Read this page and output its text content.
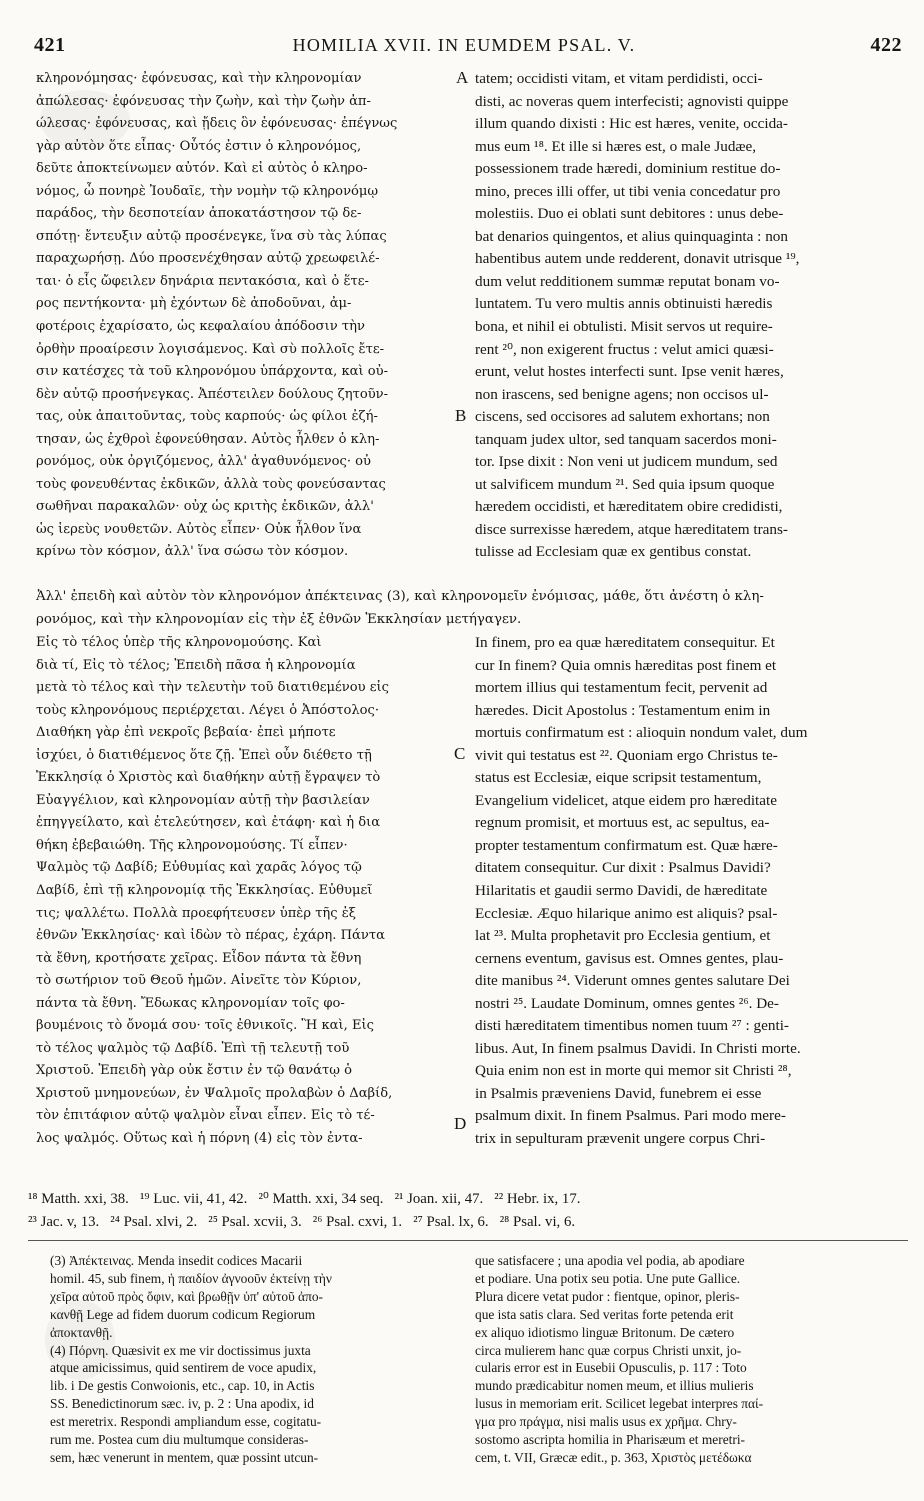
421	HOMILIA XVII. IN EUMDEM PSAL. V.	422
κληρονόμησας· ἐφόνευσας, καὶ τὴν κληρονομίαν
ἀπώλεσας· ἐφόνευσας τὴν ζωὴν, καὶ τὴν ζωὴν ἀπ-
ώλεσας· ἐφόνευσας, καὶ ᾔδεις ὃν ἐφόνευσας· ἐπέγνως
γὰρ αὐτὸν ὅτε εἶπας· Οὗτός ἐστιν ὁ κληρονόμος,
δεῦτε ἀποκτείνωμεν αὐτόν. Καὶ εἰ αὐτὸς ὁ κληρο-
νόμος, ὦ πονηρὲ Ἰουδαῖε, τὴν νομὴν τῷ κληρονόμῳ
παράδος, τὴν δεσποτείαν ἀποκατάστησον τῷ δε-
σπότῃ· ἔντευξιν αὐτῷ προσένεγκε, ἵνα σὺ τὰς λύπας
παραχωρήσῃ. Δύο προσενέχθησαν αὐτῷ χρεωφειλέ-
ται· ὁ εἷς ὤφειλεν δηνάρια πεντακόσια, καὶ ὁ ἕτε-
ρος πεντήκοντα· μὴ ἐχόντων δὲ ἀποδοῦναι, ἀμ-
φοτέροις ἐχαρίσατο, ὡς κεφαλαίου ἀπόδοσιν τὴν
ὀρθὴν προαίρεσιν λογισάμενος. Καὶ σὺ πολλοῖς ἔτε-
σιν κατέσχες τὰ τοῦ κληρονόμου ὑπάρχοντα, καὶ οὐ-
δὲν αὐτῷ προσήνεγκας. Ἀπέστειλεν δούλους ζητοῦν-
τας, οὐκ ἀπαιτοῦντας, τοὺς καρπούς· ὡς φίλοι ἐζή-
τησαν, ὡς ἐχθροὶ ἐφονεύθησαν. Αὐτὸς ἦλθεν ὁ κλη-
ρονόμος, οὐκ ὀργιζόμενος, ἀλλ' ἀγαθυνόμενος· οὐ
τοὺς φονευθέντας ἐκδικῶν, ἀλλὰ τοὺς φονεύσαντας
σωθῆναι παρακαλῶν· οὐχ ὡς κριτὴς ἐκδικῶν, ἀλλ'
ὡς ἱερεὺς νουθετῶν. Αὐτὸς εἶπεν· Οὐκ ἦλθον ἵνα
κρίνω τὸν κόσμον, ἀλλ' ἵνα σώσω τὸν κόσμον.
tatem; occidisti vitam, et vitam perdidisti, occi-
disti, ac noveras quem interfecisti; agnovisti quippe
illum quando dixisti : Hic est hæres, venite, occida-
mus eum ¹⁸. Et ille si hæres est, o male Judæe,
possessionem trade hæredi, dominium restitue do-
mino, preces illi offer, ut tibi venia concedatur pro
molestiis. Duo ei oblati sunt debitores : unus debe-
bat denarios quingentos, et alius quinquaginta : non
habentibus autem unde redderent, donavit utrisque ¹⁹,
dum velut redditionem summæ reputat bonam vo-
luntatem. Tu vero multis annis obtinuisti hæredis
bona, et nihil ei obtulisti. Misit servos ut require-
rent ²⁰, non exigerent fructus : velut amici quæsi-
erunt, velut hostes interfecti sunt. Ipse venit hæres,
non irascens, sed benigne agens; non occisos ul-
ciscens, sed occisores ad salutem exhortans; non
tanquam judex ultor, sed tanquam sacerdos moni-
tor. Ipse dixit : Non veni ut judicem mundum, sed
ut salvificem mundum ²¹. Sed quia ipsum quoque
hæredem occidisti, et hæreditatem obire credidisti,
disce surrexisse hæredem, atque hæreditatem trans-
tulisse ad Ecclesiam quæ ex gentibus constat.
A
B
C
D
Ἀλλ' ἐπειδὴ καὶ αὐτὸν τὸν κληρονόμον ἀπέκτεινας (3), καὶ κληρονομεῖν ἐνόμισας, μάθε, ὅτι ἀνέστη ὁ κλη-
ρονόμος, καὶ τὴν κληρονομίαν εἰς τὴν ἐξ ἐθνῶν Ἐκκλησίαν μετήγαγεν.
Εἰς τὸ τέλος ὑπὲρ τῆς κληρονομούσης. Καὶ
διὰ τί, Εἰς τὸ τέλος; Ἐπειδὴ πᾶσα ἡ κληρονομία
μετὰ τὸ τέλος καὶ τὴν τελευτὴν τοῦ διατιθεμένου εἰς
τοὺς κληρονόμους περιέρχεται. Λέγει ὁ Ἀπόστολος·
Διαθήκη γὰρ ἐπὶ νεκροῖς βεβαία· ἐπεὶ μήποτε
ἰσχύει, ὁ διατιθέμενος ὅτε ζῇ. Ἐπεὶ οὖν διέθετο τῇ
Ἐκκλησίᾳ ὁ Χριστὸς καὶ διαθήκην αὐτῇ ἔγραψεν τὸ
Εὐαγγέλιον, καὶ κληρονομίαν αὐτῇ τὴν βασιλείαν
ἐπηγγείλατο, καὶ ἐτελεύτησεν, καὶ ἐτάφη· καὶ ἡ δια
θήκη ἐβεβαιώθη. Τῆς κληρονομούσης. Τί εἶπεν·
Ψαλμὸς τῷ Δαβίδ; Εὐθυμίας καὶ χαρᾶς λόγος τῷ
Δαβίδ, ἐπὶ τῇ κληρονομίᾳ τῆς Ἐκκλησίας. Εὐθυμεῖ
τις; ψαλλέτω. Πολλὰ προεφήτευσεν ὑπὲρ τῆς ἐξ
ἐθνῶν Ἐκκλησίας· καὶ ἰδὼν τὸ πέρας, ἐχάρη. Πάντα
τὰ ἔθνη, κροτήσατε χεῖρας. Εἶδον πάντα τὰ ἔθνη
τὸ σωτήριον τοῦ Θεοῦ ἡμῶν. Αἰνεῖτε τὸν Κύριον,
πάντα τὰ ἔθνη. Ἔδωκας κληρονομίαν τοῖς φο-
βουμένοις τὸ ὄνομά σου· τοῖς ἐθνικοῖς. Ἢ καὶ, Εἰς
τὸ τέλος ψαλμὸς τῷ Δαβίδ. Ἐπὶ τῇ τελευτῇ τοῦ
Χριστοῦ. Ἐπειδὴ γὰρ οὐκ ἔστιν ἐν τῷ θανάτῳ ὁ
Χριστοῦ μνημονεύων, ἐν Ψαλμοῖς προλαβὼν ὁ Δαβίδ,
τὸν ἐπιτάφιον αὐτῷ ψαλμὸν εἶναι εἶπεν. Εἰς τὸ τέ-
λος ψαλμός. Οὕτως καὶ ἡ πόρνη (4) εἰς τὸν ἐντα-
In finem, pro ea quæ hæreditatem consequitur. Et
cur In finem? Quia omnis hæreditas post finem et
mortem illius qui testamentum fecit, pervenit ad
hæredes. Dicit Apostolus : Testamentum enim in
mortuis confirmatum est : alioquin nondum valet, dum
vivit qui testatus est ²². Quoniam ergo Christus te-
status est Ecclesiæ, eique scripsit testamentum,
Evangelium videlicet, atque eidem pro hæreditate
regnum promisit, et mortuus est, ac sepultus, ea-
propter testamentum confirmatum est. Quæ hære-
ditatem consequitur. Cur dixit : Psalmus Davidi?
Hilaritatis et gaudii sermo Davidi, de hæreditate
Ecclesiæ. Æquo hilarique animo est aliquis? psal-
lat ²³. Multa prophetavit pro Ecclesia gentium, et
cernens eventum, gavisus est. Omnes gentes, plau-
dite manibus ²⁴. Viderunt omnes gentes salutare Dei
nostri ²⁵. Laudate Dominum, omnes gentes ²⁶. De-
disti hæreditatem timentibus nomen tuum ²⁷ : genti-
libus. Aut, In finem psalmus Davidi. In Christi morte.
Quia enim non est in morte qui memor sit Christi ²⁸,
in Psalmis præveniens David, funebrem ei esse
psalmum dixit. In finem Psalmus. Pari modo mere-
trix in sepulturam prævenit ungere corpus Chri-
¹⁸ Matth. xxi, 38.   ¹⁹ Luc. vii, 41, 42.   ²⁰ Matth. xxi, 34 seq.   ²¹ Joan. xii, 47.   ²² Hebr. ix, 17.
²³ Jac. v, 13.   ²⁴ Psal. xlvi, 2.   ²⁵ Psal. xcvii, 3.   ²⁶ Psal. cxvi, 1.   ²⁷ Psal. lx, 6.   ²⁸ Psal. vi, 6.
(3) Ἀπέκτεινας. Menda insedit codices Macarii
homil. 45, sub finem, ἡ παιδίον ἀγνοοῦν ἐκτείνῃ τὴν
χεῖρα αὐτοῦ πρὸς ὄφιν, καὶ βρωθῇν ὑπ' αὐτοῦ ἀπο-
κανθῇ Lege ad fidem duorum codicum Regiorum
ἀποκτανθῇ.
(4) Πόρνη. Quæsivit ex me vir doctissimus juxta
atque amicissimus, quid sentirem de voce apudix,
lib. i De gestis Conwoionis, etc., cap. 10, in Actis
SS. Benedictinorum sæc. iv, p. 2 : Una apodix, id
est meretrix. Respondi ampliandum esse, cogitatu-
rum me. Postea cum diu multumque consideras-
sem, hæc venerunt in mentem, quæ possint utcun-
que satisfacere ; una apodia vel podia, ab apodiare
et podiare. Una potix seu potia. Une pute Gallice.
Plura dicere vetat pudor : fientque, opinor, pleris-
que ista satis clara. Sed veritas forte petenda erit
ex aliquo idiotismo linguæ Britonum. De cætero
circa mulierem hanc quæ corpus Christi unxit, jo-
cularis error est in Eusebii Opusculis, p. 117 : Toto
mundo prædicabitur nomen meum, et illius mulieris
lusus in memoriam erit. Scilicet legebat interpres παί-
γμα pro πράγμα, nisi malis usus ex χρῆμα. Chry-
sostomo ascripta homilia in Pharisæum et meretri-
cem, t. VII, Græcæ edit., p. 363, Χριστὸς μετέδωκα
